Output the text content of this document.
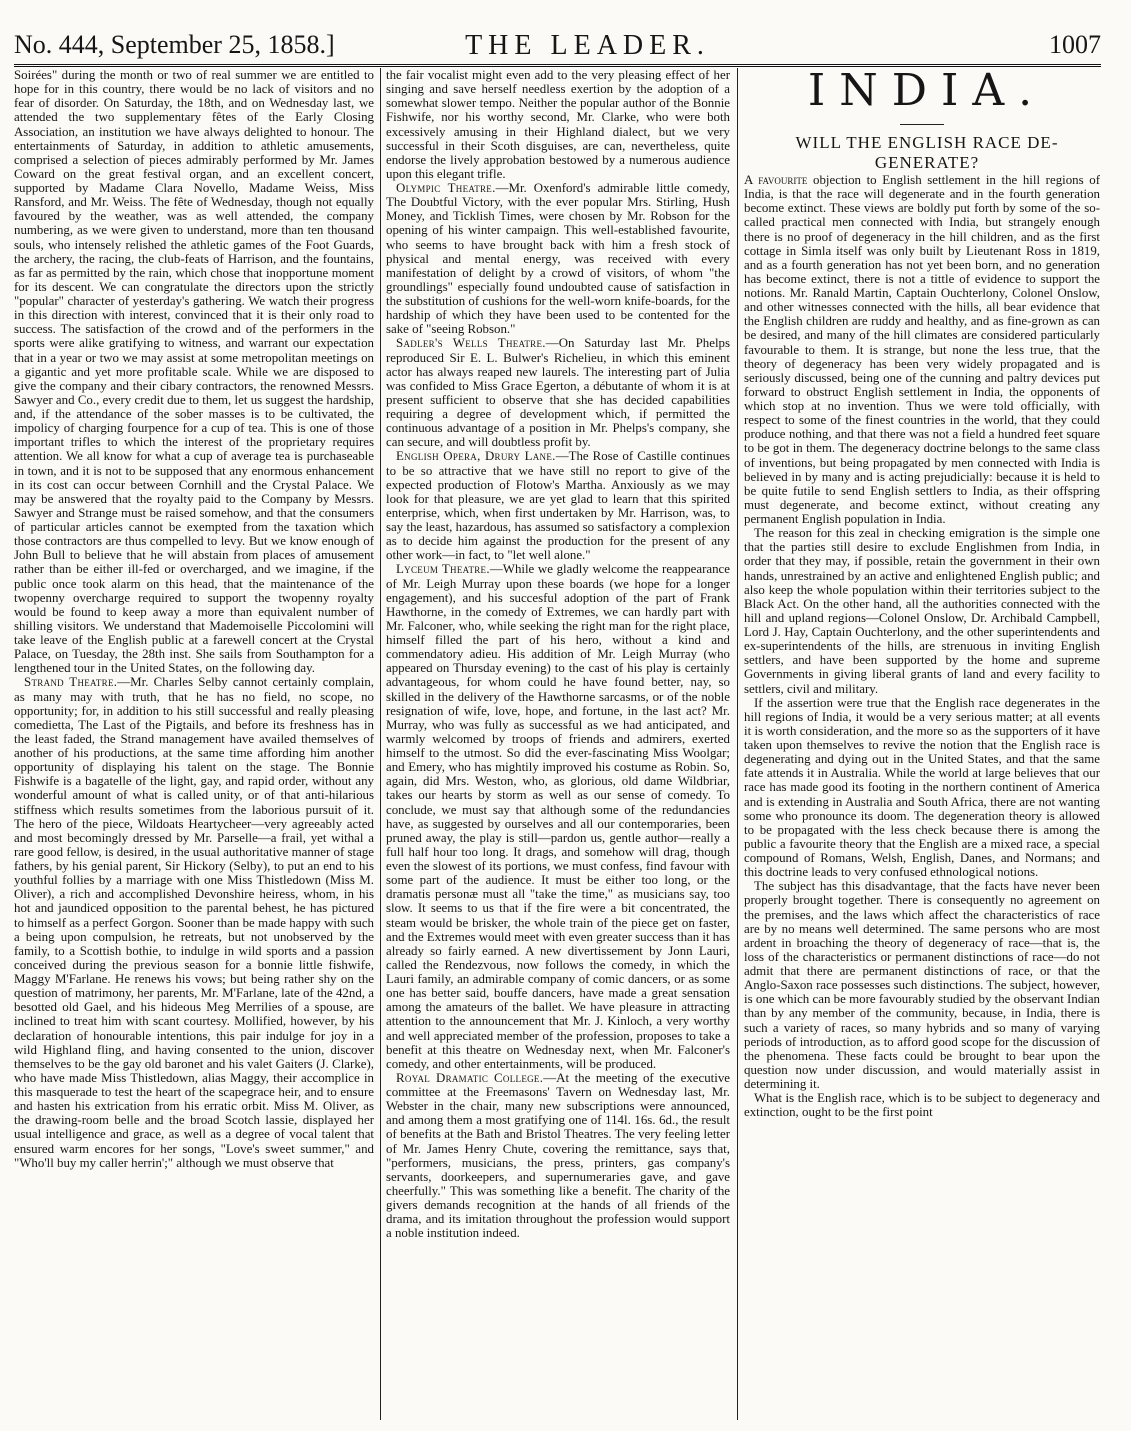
No. 444, September 25, 1858.]	THE LEADER.	1007

Soirées" during the month or two of real summer we are entitled to hope for in this country, there would be no lack of visitors and no fear of disorder. On Saturday, the 18th, and on Wednesday last, we attended the two supplementary fêtes of the Early Closing Association, an institution we have always delighted to honour. The entertainments of Saturday, in addition to athletic amusements, comprised a selection of pieces admirably performed by Mr. James Coward on the great festival organ, and an excellent concert, supported by Madame Clara Novello, Madame Weiss, Miss Ransford, and Mr. Weiss. The fête of Wednesday, though not equally favoured by the weather, was as well attended, the company numbering, as we were given to understand, more than ten thousand souls, who intensely relished the athletic games of the Foot Guards, the archery, the racing, the club-feats of Harrison, and the fountains, as far as permitted by the rain, which chose that inopportune moment for its descent. We can congratulate the directors upon the strictly "popular" character of yesterday's gathering. We watch their progress in this direction with interest, convinced that it is their only road to success. The satisfaction of the crowd and of the performers in the sports were alike gratifying to witness, and warrant our expectation that in a year or two we may assist at some metropolitan meetings on a gigantic and yet more profitable scale. While we are disposed to give the company and their cibary contractors, the renowned Messrs. Sawyer and Co., every credit due to them, let us suggest the hardship, and, if the attendance of the sober masses is to be cultivated, the impolicy of charging fourpence for a cup of tea. This is one of those important trifles to which the interest of the proprietary requires attention. We all know for what a cup of average tea is purchaseable in town, and it is not to be supposed that any enormous enhancement in its cost can occur between Cornhill and the Crystal Palace. We may be answered that the royalty paid to the Company by Messrs. Sawyer and Strange must be raised somehow, and that the consumers of particular articles cannot be exempted from the taxation which those contractors are thus compelled to levy. But we know enough of John Bull to believe that he will abstain from places of amusement rather than be either ill-fed or overcharged, and we imagine, if the public once took alarm on this head, that the maintenance of the twopenny overcharge required to support the twopenny royalty would be found to keep away a more than equivalent number of shilling visitors. We understand that Mademoiselle Piccolomini will take leave of the English public at a farewell concert at the Crystal Palace, on Tuesday, the 28th inst. She sails from Southampton for a lengthened tour in the United States, on the following day.

Strand Theatre.—Mr. Charles Selby cannot certainly complain, as many may with truth, that he has no field, no scope, no opportunity; for, in addition to his still successful and really pleasing comedietta, The Last of the Pigtails, and before its freshness has in the least faded, the Strand management have availed themselves of another of his productions, at the same time affording him another opportunity of displaying his talent on the stage. The Bonnie Fishwife is a bagatelle of the light, gay, and rapid order, without any wonderful amount of what is called unity, or of that anti-hilarious stiffness which results sometimes from the laborious pursuit of it. The hero of the piece, Wildoats Heartycheer—very agreeably acted and most becomingly dressed by Mr. Parselle—a frail, yet withal a rare good fellow, is desired, in the usual authoritative manner of stage fathers, by his genial parent, Sir Hickory (Selby), to put an end to his youthful follies by a marriage with one Miss Thistledown (Miss M. Oliver), a rich and accomplished Devonshire heiress, whom, in his hot and jaundiced opposition to the parental behest, he has pictured to himself as a perfect Gorgon. Sooner than be made happy with such a being upon compulsion, he retreats, but not unobserved by the family, to a Scottish bothie, to indulge in wild sports and a passion conceived during the previous season for a bonnie little fishwife, Maggy M'Farlane. He renews his vows; but being rather shy on the question of matrimony, her parents, Mr. M'Farlane, late of the 42nd, a besotted old Gael, and his hideous Meg Merrilies of a spouse, are inclined to treat him with scant courtesy. Mollified, however, by his declaration of honourable intentions, this pair indulge for joy in a wild Highland fling, and having consented to the union, discover themselves to be the gay old baronet and his valet Gaiters (J. Clarke), who have made Miss Thistledown, alias Maggy, their accomplice in this masquerade to test the heart of the scapegrace heir, and to ensure and hasten his extrication from his erratic orbit. Miss M. Oliver, as the drawing-room belle and the broad Scotch lassie, displayed her usual intelligence and grace, as well as a degree of vocal talent that ensured warm encores for her songs, "Love's sweet summer," and "Who'll buy my caller herrin';" although we must observe that

the fair vocalist might even add to the very pleasing effect of her singing and save herself needless exertion by the adoption of a somewhat slower tempo. Neither the popular author of the Bonnie Fishwife, nor his worthy second, Mr. Clarke, who were both excessively amusing in their Highland dialect, but we very successful in their Scoth disguises, are can, nevertheless, quite endorse the lively approbation bestowed by a numerous audience upon this elegant trifle.

Olympic Theatre.—Mr. Oxenford's admirable little comedy, The Doubtful Victory, with the ever popular Mrs. Stirling, Hush Money, and Ticklish Times, were chosen by Mr. Robson for the opening of his winter campaign. This well-established favourite, who seems to have brought back with him a fresh stock of physical and mental energy, was received with every manifestation of delight by a crowd of visitors, of whom "the groundlings" especially found undoubted cause of satisfaction in the substitution of cushions for the well-worn knife-boards, for the hardship of which they have been used to be contented for the sake of "seeing Robson."

Sadler's Wells Theatre.—On Saturday last Mr. Phelps reproduced Sir E. L. Bulwer's Richelieu, in which this eminent actor has always reaped new laurels. The interesting part of Julia was confided to Miss Grace Egerton, a débutante of whom it is at present sufficient to observe that she has decided capabilities requiring a degree of development which, if permitted the continuous advantage of a position in Mr. Phelps's company, she can secure, and will doubtless profit by.

English Opera, Drury Lane.—The Rose of Castille continues to be so attractive that we have still no report to give of the expected production of Flotow's Martha. Anxiously as we may look for that pleasure, we are yet glad to learn that this spirited enterprise, which, when first undertaken by Mr. Harrison, was, to say the least, hazardous, has assumed so satisfactory a complexion as to decide him against the production for the present of any other work—in fact, to "let well alone."

Lyceum Theatre.—While we gladly welcome the reappearance of Mr. Leigh Murray upon these boards (we hope for a longer engagement), and his succesful adoption of the part of Frank Hawthorne, in the comedy of Extremes, we can hardly part with Mr. Falconer, who, while seeking the right man for the right place, himself filled the part of his hero, without a kind and commendatory adieu. His addition of Mr. Leigh Murray (who appeared on Thursday evening) to the cast of his play is certainly advantageous, for whom could he have found better, nay, so skilled in the delivery of the Hawthorne sarcasms, or of the noble resignation of wife, love, hope, and fortune, in the last act? Mr. Murray, who was fully as successful as we had anticipated, and warmly welcomed by troops of friends and admirers, exerted himself to the utmost. So did the ever-fascinating Miss Woolgar; and Emery, who has mightily improved his costume as Robin. So, again, did Mrs. Weston, who, as glorious, old dame Wildbriar, takes our hearts by storm as well as our sense of comedy. To conclude, we must say that although some of the redundancies have, as suggested by ourselves and all our contemporaries, been pruned away, the play is still—pardon us, gentle author—really a full half hour too long. It drags, and somehow will drag, though even the slowest of its portions, we must confess, find favour with some part of the audience. It must be either too long, or the dramatis personæ must all "take the time," as musicians say, too slow. It seems to us that if the fire were a bit concentrated, the steam would be brisker, the whole train of the piece get on faster, and the Extremes would meet with even greater success than it has already so fairly earned. A new divertissement by Jonn Lauri, called the Rendezvous, now follows the comedy, in which the Lauri family, an admirable company of comic dancers, or as some one has better said, bouffe dancers, have made a great sensation among the amateurs of the ballet. We have pleasure in attracting attention to the announcement that Mr. J. Kinloch, a very worthy and well appreciated member of the profession, proposes to take a benefit at this theatre on Wednesday next, when Mr. Falconer's comedy, and other entertainments, will be produced.

Royal Dramatic College.—At the meeting of the executive committee at the Freemasons' Tavern on Wednesday last, Mr. Webster in the chair, many new subscriptions were announced, and among them a most gratifying one of 114l. 16s. 6d., the result of benefits at the Bath and Bristol Theatres. The very feeling letter of Mr. James Henry Chute, covering the remittance, says that, "performers, musicians, the press, printers, gas company's servants, doorkeepers, and supernumeraries gave, and gave cheerfully." This was something like a benefit. The charity of the givers demands recognition at the hands of all friends of the drama, and its imitation throughout the profession would support a noble institution indeed.

INDIA.

WILL THE ENGLISH RACE DE-

GENERATE?

A favourite objection to English settlement in the hill regions of India, is that the race will degenerate and in the fourth generation become extinct. These views are boldly put forth by some of the so-called practical men connected with India, but strangely enough there is no proof of degeneracy in the hill children, and as the first cottage in Simla itself was only built by Lieutenant Ross in 1819, and as a fourth generation has not yet been born, and no generation has become extinct, there is not a tittle of evidence to support the notions. Mr. Ranald Martin, Captain Ouchterlony, Colonel Onslow, and other witnesses connected with the hills, all bear evidence that the English children are ruddy and healthy, and as fine-grown as can be desired, and many of the hill climates are considered particularly favourable to them. It is strange, but none the less true, that the theory of degeneracy has been very widely propagated and is seriously discussed, being one of the cunning and paltry devices put forward to obstruct English settlement in India, the opponents of which stop at no invention. Thus we were told officially, with respect to some of the finest countries in the world, that they could produce nothing, and that there was not a field a hundred feet square to be got in them. The degeneracy doctrine belongs to the same class of inventions, but being propagated by men connected with India is believed in by many and is acting prejudicially: because it is held to be quite futile to send English settlers to India, as their offspring must degenerate, and become extinct, without creating any permanent English population in India.

The reason for this zeal in checking emigration is the simple one that the parties still desire to exclude Englishmen from India, in order that they may, if possible, retain the government in their own hands, unrestrained by an active and enlightened English public; and also keep the whole population within their territories subject to the Black Act. On the other hand, all the authorities connected with the hill and upland regions—Colonel Onslow, Dr. Archibald Campbell, Lord J. Hay, Captain Ouchterlony, and the other superintendents and ex-superintendents of the hills, are strenuous in inviting English settlers, and have been supported by the home and supreme Governments in giving liberal grants of land and every facility to settlers, civil and military.

If the assertion were true that the English race degenerates in the hill regions of India, it would be a very serious matter; at all events it is worth consideration, and the more so as the supporters of it have taken upon themselves to revive the notion that the English race is degenerating and dying out in the United States, and that the same fate attends it in Australia. While the world at large believes that our race has made good its footing in the northern continent of America and is extending in Australia and South Africa, there are not wanting some who pronounce its doom. The degeneration theory is allowed to be propagated with the less check because there is among the public a favourite theory that the English are a mixed race, a special compound of Romans, Welsh, English, Danes, and Normans; and this doctrine leads to very confused ethnological notions.

The subject has this disadvantage, that the facts have never been properly brought together. There is consequently no agreement on the premises, and the laws which affect the characteristics of race are by no means well determined. The same persons who are most ardent in broaching the theory of degeneracy of race—that is, the loss of the characteristics or permanent distinctions of race—do not admit that there are permanent distinctions of race, or that the Anglo-Saxon race possesses such distinctions. The subject, however, is one which can be more favourably studied by the observant Indian than by any member of the community, because, in India, there is such a variety of races, so many hybrids and so many of varying periods of introduction, as to afford good scope for the discussion of the phenomena. These facts could be brought to bear upon the question now under discussion, and would materially assist in determining it.

What is the English race, which is to be subject to degeneracy and extinction, ought to be the first point
